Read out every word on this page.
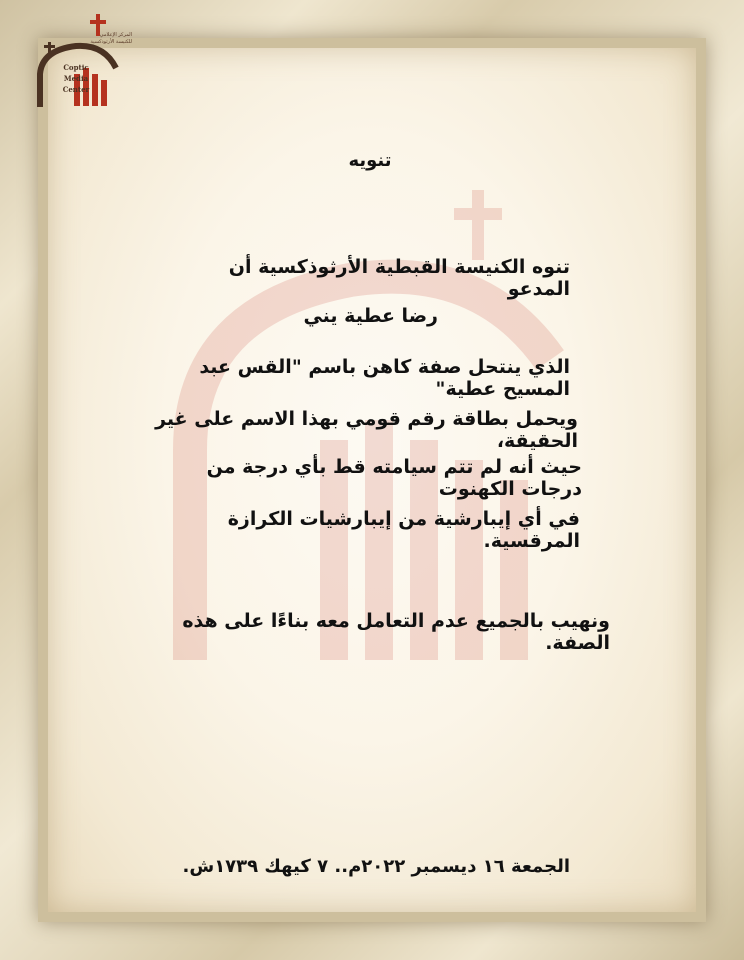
المركز الإعلامي
للكنيسة الأرثوذكسية
Coptic
Media
Center
تنويه
تنوه الكنيسة القبطية الأرثوذكسية أن المدعو
رضا عطية يني
الذي ينتحل صفة كاهن باسم "القس عبد المسيح عطية"
ويحمل بطاقة رقم قومي بهذا الاسم على غير الحقيقة،
حيث أنه لم تتم سيامته قط بأي درجة من درجات الكهنوت
في أي إيبارشية من إيبارشيات الكرازة المرقسية.
ونهيب بالجميع عدم التعامل معه بناءًا على هذه الصفة.
الجمعة ١٦ ديسمبر ٢٠٢٢م.. ٧ كيهك ١٧٣٩ش.
